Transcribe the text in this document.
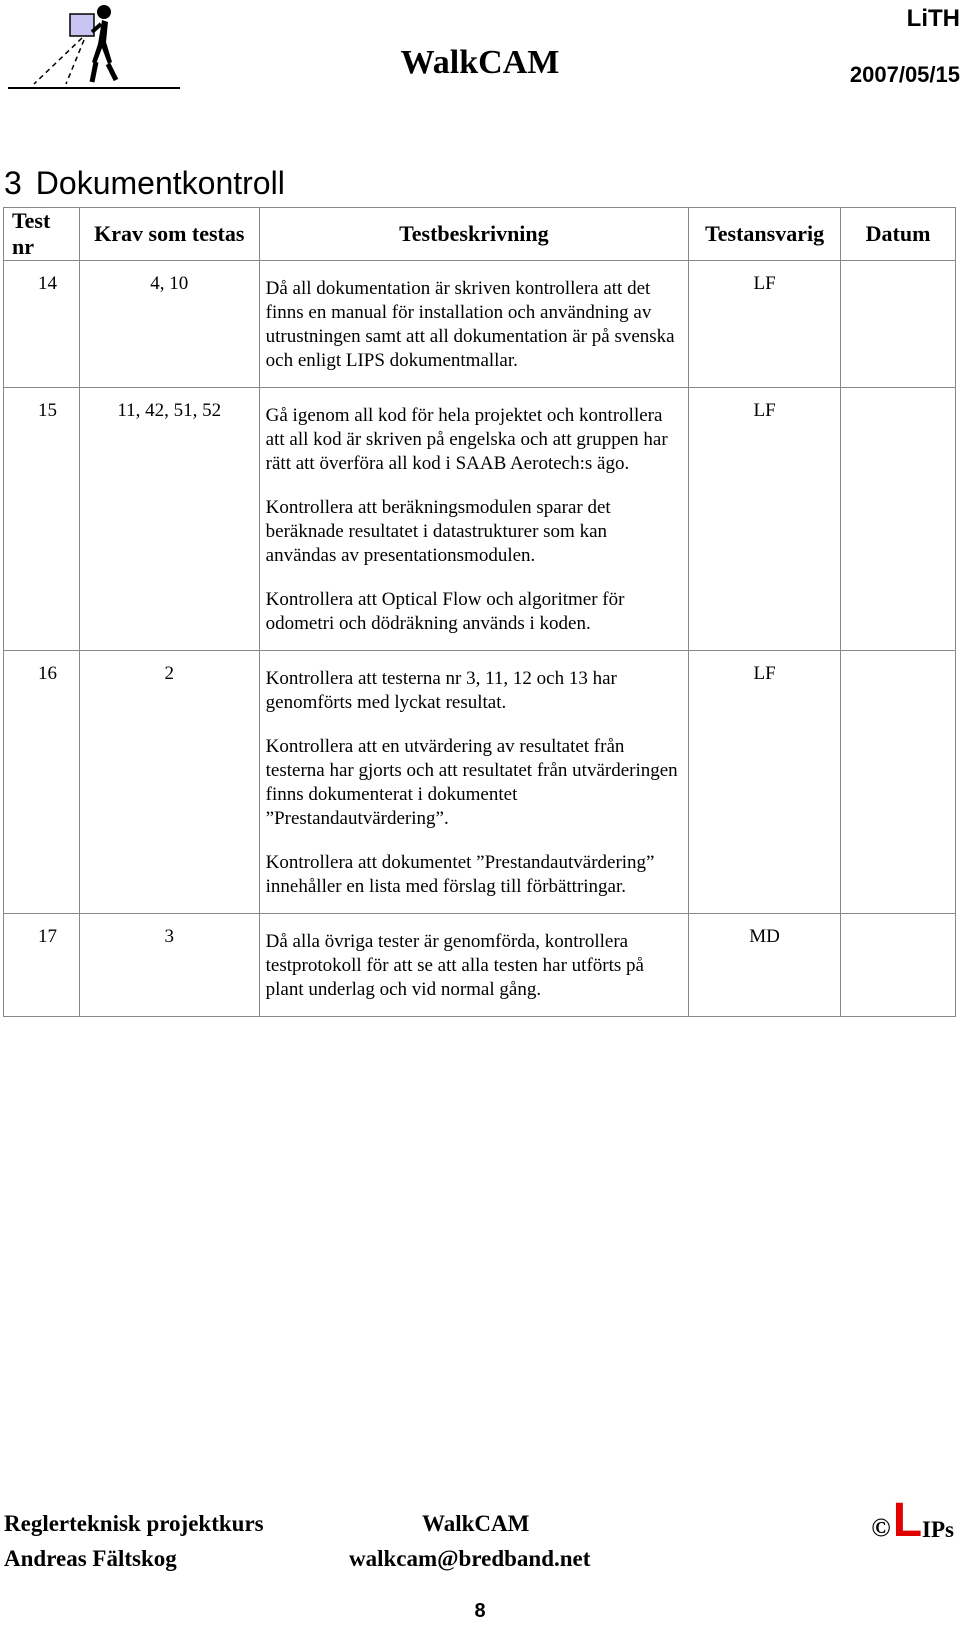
WalkCAM
LiTH
2007/05/15
3 Dokumentkontroll
Test nr	Krav som testas	Testbeskrivning	Testansvarig	Datum
14	4, 10	Då all dokumentation är skriven kontrollera att det finns en manual för installation och användning av utrustningen samt att all dokumentation är på svenska och enligt LIPS dokumentmallar.	LF	
15	11, 42, 51, 52	Gå igenom all kod för hela projektet och kontrollera att all kod är skriven på engelska och att gruppen har rätt att överföra all kod i SAAB Aerotech:s ägo.
Kontrollera att beräkningsmodulen sparar det beräknade resultatet i datastrukturer som kan användas av presentationsmodulen.
Kontrollera att Optical Flow och algoritmer för odometri och dödräkning används i koden.	LF	
16	2	Kontrollera att testerna nr 3, 11, 12 och 13 har genomförts med lyckat resultat.
Kontrollera att en utvärdering av resultatet från testerna har gjorts och att resultatet från utvärderingen finns dokumenterat i dokumentet ”Prestandautvärdering”.
Kontrollera att dokumentet ”Prestandautvärdering” innehåller en lista med förslag till förbättringar.	LF	
17	3	Då alla övriga tester är genomförda, kontrollera testprotokoll för att se att alla testen har utförts på plant underlag och vid normal gång.	MD	
Reglerteknisk projektkurs
Andreas Fältskog
WalkCAM
walkcam@bredband.net
© L IPs
8
